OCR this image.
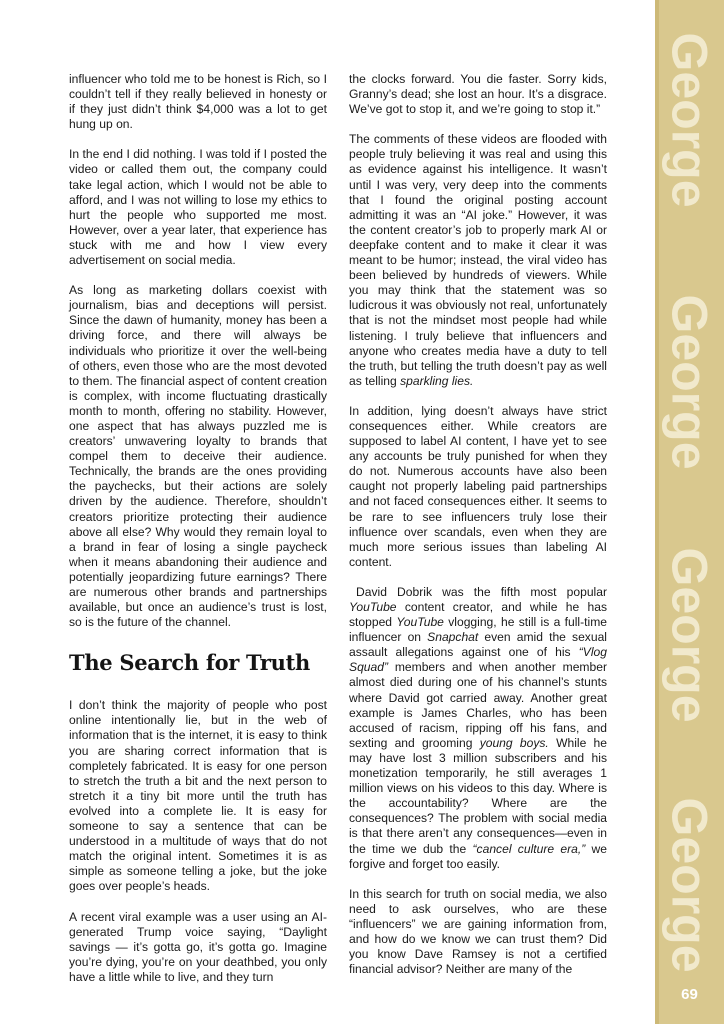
influencer who told me to be honest is Rich, so I couldn’t tell if they really believed in honesty or if they just didn’t think $4,000 was a lot to get hung up on.

In the end I did nothing. I was told if I posted the video or called them out, the company could take legal action, which I would not be able to afford, and I was not willing to lose my ethics to hurt the people who supported me most. However, over a year later, that experience has stuck with me and how I view every advertisement on social media.

As long as marketing dollars coexist with journalism, bias and deceptions will persist. Since the dawn of humanity, money has been a driving force, and there will always be individuals who prioritize it over the well-being of others, even those who are the most devoted to them. The financial aspect of content creation is complex, with income fluctuating drastically month to month, offering no stability. However, one aspect that has always puzzled me is creators’ unwavering loyalty to brands that compel them to deceive their audience. Technically, the brands are the ones providing the paychecks, but their actions are solely driven by the audience. Therefore, shouldn’t creators prioritize protecting their audience above all else? Why would they remain loyal to a brand in fear of losing a single paycheck when it means abandoning their audience and potentially jeopardizing future earnings? There are numerous other brands and partnerships available, but once an audience’s trust is lost, so is the future of the channel.

The Search for Truth

I don’t think the majority of people who post online intentionally lie, but in the web of information that is the internet, it is easy to think you are sharing correct information that is completely fabricated. It is easy for one person to stretch the truth a bit and the next person to stretch it a tiny bit more until the truth has evolved into a complete lie. It is easy for someone to say a sentence that can be understood in a multitude of ways that do not match the original intent. Sometimes it is as simple as someone telling a joke, but the joke goes over people’s heads.

A recent viral example was a user using an AI-generated Trump voice saying, “Daylight savings — it’s gotta go, it’s gotta go. Imagine you’re dying, you’re on your deathbed, you only have a little while to live, and they turn

the clocks forward. You die faster. Sorry kids, Granny’s dead; she lost an hour. It’s a disgrace. We’ve got to stop it, and we’re going to stop it.”

The comments of these videos are flooded with people truly believing it was real and using this as evidence against his intelligence. It wasn’t until I was very, very deep into the comments that I found the original posting account admitting it was an “AI joke.” However, it was the content creator’s job to properly mark AI or deepfake content and to make it clear it was meant to be humor; instead, the viral video has been believed by hundreds of viewers. While you may think that the statement was so ludicrous it was obviously not real, unfortunately that is not the mindset most people had while listening. I truly believe that influencers and anyone who creates media have a duty to tell the truth, but telling the truth doesn’t pay as well as telling sparkling lies.

In addition, lying doesn’t always have strict consequences either. While creators are supposed to label AI content, I have yet to see any accounts be truly punished for when they do not. Numerous accounts have also been caught not properly labeling paid partnerships and not faced consequences either. It seems to be rare to see influencers truly lose their influence over scandals, even when they are much more serious issues than labeling AI content.

David Dobrik was the fifth most popular YouTube content creator, and while he has stopped YouTube vlogging, he still is a full-time influencer on Snapchat even amid the sexual assault allegations against one of his “Vlog Squad” members and when another member almost died during one of his channel’s stunts where David got carried away. Another great example is James Charles, who has been accused of racism, ripping off his fans, and sexting and grooming young boys. While he may have lost 3 million subscribers and his monetization temporarily, he still averages 1 million views on his videos to this day. Where is the accountability? Where are the consequences? The problem with social media is that there aren’t any consequences—even in the time we dub the “cancel culture era,” we forgive and forget too easily.

In this search for truth on social media, we also need to ask ourselves, who are these “influencers” we are gaining information from, and how do we know we can trust them? Did you know Dave Ramsey is not a certified financial advisor? Neither are many of the

George
George
George
George
69
